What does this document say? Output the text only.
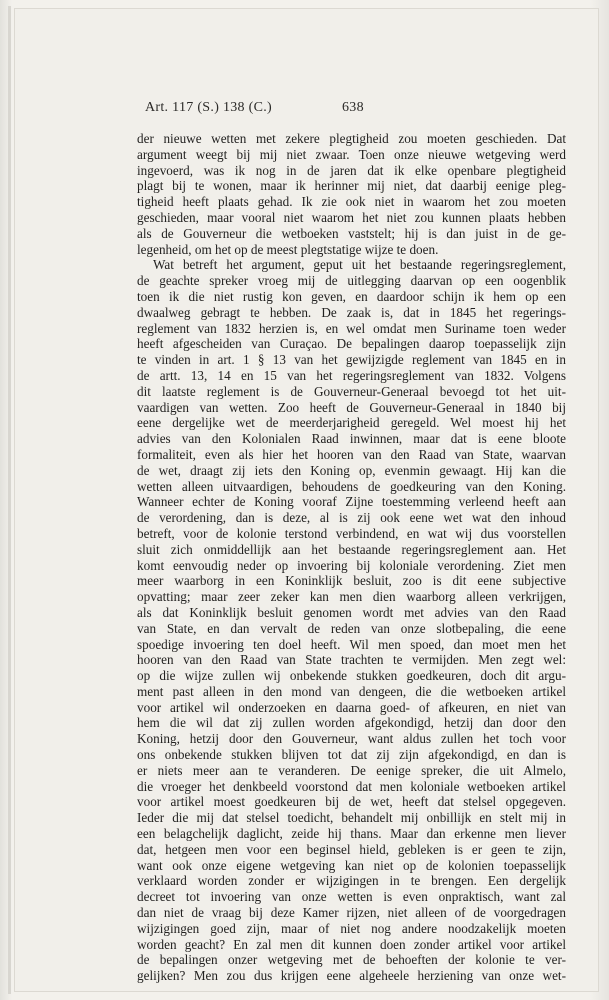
Art. 117 (S.) 138 (C.)	638
der nieuwe wetten met zekere plegtigheid zou moeten geschieden. Dat
argument weegt bij mij niet zwaar. Toen onze nieuwe wetgeving werd
ingevoerd, was ik nog in de jaren dat ik elke openbare plegtigheid
plagt bij te wonen, maar ik herinner mij niet, dat daarbij eenige pleg-
tigheid heeft plaats gehad. Ik zie ook niet in waarom het zou moeten
geschieden, maar vooral niet waarom het niet zou kunnen plaats hebben
als de Gouverneur die wetboeken vaststelt; hij is dan juist in de ge-
legenheid, om het op de meest plegtstatige wijze te doen.
Wat betreft het argument, geput uit het bestaande regeringsreglement,
de geachte spreker vroeg mij de uitlegging daarvan op een oogenblik
toen ik die niet rustig kon geven, en daardoor schijn ik hem op een
dwaalweg gebragt te hebben. De zaak is, dat in 1845 het regerings-
reglement van 1832 herzien is, en wel omdat men Suriname toen weder
heeft afgescheiden van Curaçao. De bepalingen daarop toepasselijk zijn
te vinden in art. 1 § 13 van het gewijzigde reglement van 1845 en in
de artt. 13, 14 en 15 van het regeringsreglement van 1832. Volgens
dit laatste reglement is de Gouverneur-Generaal bevoegd tot het uit-
vaardigen van wetten. Zoo heeft de Gouverneur-Generaal in 1840 bij
eene dergelijke wet de meerderjarigheid geregeld. Wel moest hij het
advies van den Kolonialen Raad inwinnen, maar dat is eene bloote
formaliteit, even als hier het hooren van den Raad van State, waarvan
de wet, draagt zij iets den Koning op, evenmin gewaagt. Hij kan die
wetten alleen uitvaardigen, behoudens de goedkeuring van den Koning.
Wanneer echter de Koning vooraf Zijne toestemming verleend heeft aan
de verordening, dan is deze, al is zij ook eene wet wat den inhoud
betreft, voor de kolonie terstond verbindend, en wat wij dus voorstellen
sluit zich onmiddellijk aan het bestaande regeringsreglement aan. Het
komt eenvoudig neder op invoering bij koloniale verordening. Ziet men
meer waarborg in een Koninklijk besluit, zoo is dit eene subjective
opvatting; maar zeer zeker kan men dien waarborg alleen verkrijgen,
als dat Koninklijk besluit genomen wordt met advies van den Raad
van State, en dan vervalt de reden van onze slotbepaling, die eene
spoedige invoering ten doel heeft. Wil men spoed, dan moet men het
hooren van den Raad van State trachten te vermijden. Men zegt wel:
op die wijze zullen wij onbekende stukken goedkeuren, doch dit argu-
ment past alleen in den mond van dengeen, die die wetboeken artikel
voor artikel wil onderzoeken en daarna goed- of afkeuren, en niet van
hem die wil dat zij zullen worden afgekondigd, hetzij dan door den
Koning, hetzij door den Gouverneur, want aldus zullen het toch voor
ons onbekende stukken blijven tot dat zij zijn afgekondigd, en dan is
er niets meer aan te veranderen. De eenige spreker, die uit Almelo,
die vroeger het denkbeeld voorstond dat men koloniale wetboeken artikel
voor artikel moest goedkeuren bij de wet, heeft dat stelsel opgegeven.
Ieder die mij dat stelsel toedicht, behandelt mij onbillijk en stelt mij in
een belagchelijk daglicht, zeide hij thans. Maar dan erkenne men liever
dat, hetgeen men voor een beginsel hield, gebleken is er geen te zijn,
want ook onze eigene wetgeving kan niet op de kolonien toepasselijk
verklaard worden zonder er wijzigingen in te brengen. Een dergelijk
decreet tot invoering van onze wetten is even onpraktisch, want zal
dan niet de vraag bij deze Kamer rijzen, niet alleen of de voorgedragen
wijzigingen goed zijn, maar of niet nog andere noodzakelijk moeten
worden geacht? En zal men dit kunnen doen zonder artikel voor artikel
de bepalingen onzer wetgeving met de behoeften der kolonie te ver-
gelijken? Men zou dus krijgen eene algeheele herziening van onze wet-
